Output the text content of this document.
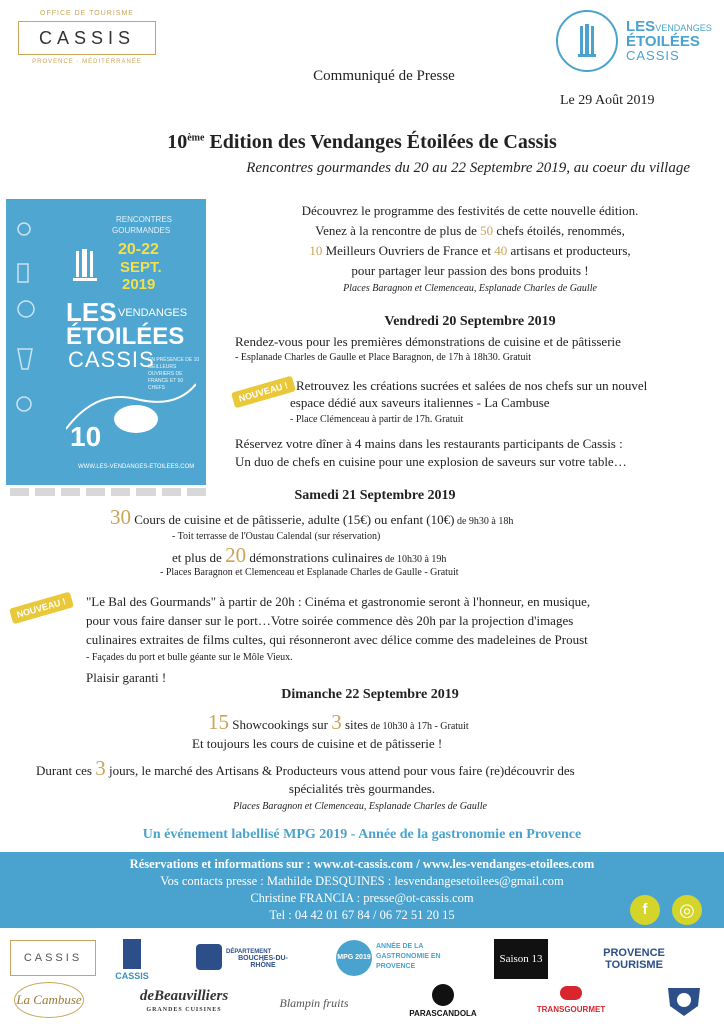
OFFICE DE TOURISME
CASSIS
PROVENCE · MÉDITERRANÉE
LESVENDANGES
ÉTOILÉES
CASSIS
Communiqué de Presse
Le 29 Août 2019
10ème Edition des Vendanges Étoilées de Cassis
Rencontres gourmandes du 20 au 22 Septembre 2019, au coeur du village
RENCONTRES
GOURMANDES
20-22
SEPT.
2019
LES VENDANGES
ÉTOILÉES
CASSIS
EN PRÉSENCE DE 10 MEILLEURS OUVRIERS DE FRANCE ET 50 CHEFS
10
WWW.LES-VENDANGES-ETOILEES.COM
Découvrez le programme des festivités de cette nouvelle édition.
Venez à la rencontre de plus de 50 chefs étoilés, renommés,
10 Meilleurs Ouvriers de France et 40 artisans et producteurs,
pour partager leur passion des bons produits !
Places Baragnon et Clemenceau, Esplanade Charles de Gaulle
Vendredi 20 Septembre 2019
Rendez-vous pour les premières démonstrations de cuisine et de pâtisserie
- Esplanade Charles de Gaulle et Place Baragnon, de 17h à 18h30. Gratuit
NOUVEAU ! Retrouvez les créations sucrées et salées de nos chefs sur un nouvel
espace dédié aux saveurs italiennes - La Cambuse
- Place Clémenceau à partir de 17h. Gratuit
Réservez votre dîner à 4 mains dans les restaurants participants de Cassis :
Un duo de chefs en cuisine pour une explosion de saveurs sur votre table…
Samedi 21 Septembre 2019
30 Cours de cuisine et de pâtisserie, adulte (15€) ou enfant (10€) de 9h30 à 18h
- Toit terrasse de l'Oustau Calendal (sur réservation)
et plus de 20 démonstrations culinaires de 10h30 à 19h
- Places Baragnon et Clemenceau et Esplanade Charles de Gaulle - Gratuit
NOUVEAU !	"Le Bal des Gourmands" à partir de 20h : Cinéma et gastronomie seront à l'honneur, en musique,
pour vous faire danser sur le port…Votre soirée commence dès 20h par la projection d'images
culinaires extraites de films cultes, qui résonneront avec délice comme des madeleines de Proust
- Façades du port et bulle géante sur le Môle Vieux.
Plaisir garanti !
Dimanche 22 Septembre 2019
15 Showcookings sur 3 sites de 10h30 à 17h - Gratuit
Et toujours les cours de cuisine et de pâtisserie !
Durant ces 3 jours, le marché des Artisans & Producteurs vous attend pour vous faire (re)découvrir des
spécialités très gourmandes.
Places Baragnon et Clemenceau, Esplanade Charles de Gaulle
Un événement labellisé MPG 2019 - Année de la gastronomie en Provence
Réservations et informations sur : www.ot-cassis.com / www.les-vendanges-etoilees.com
Vos contacts presse : Mathilde DESQUINES : lesvendangesetoilees@gmail.com
Christine FRANCIA : presse@ot-cassis.com
Tel : 04 42 01 67 84 / 06 72 51 20 15	f	◎
CASSIS
CASSIS
DÉPARTEMENT
BOUCHES-DU-RHÔNE
MPG 2019
ANNÉE DE LA GASTRONOMIE EN PROVENCE
Saison 13	PROVENCE
TOURISME
La Cambuse	deBeauvilliers
GRANDES CUISINES
Blampin fruits
PARASCANDOLA	TRANSGOURMET
